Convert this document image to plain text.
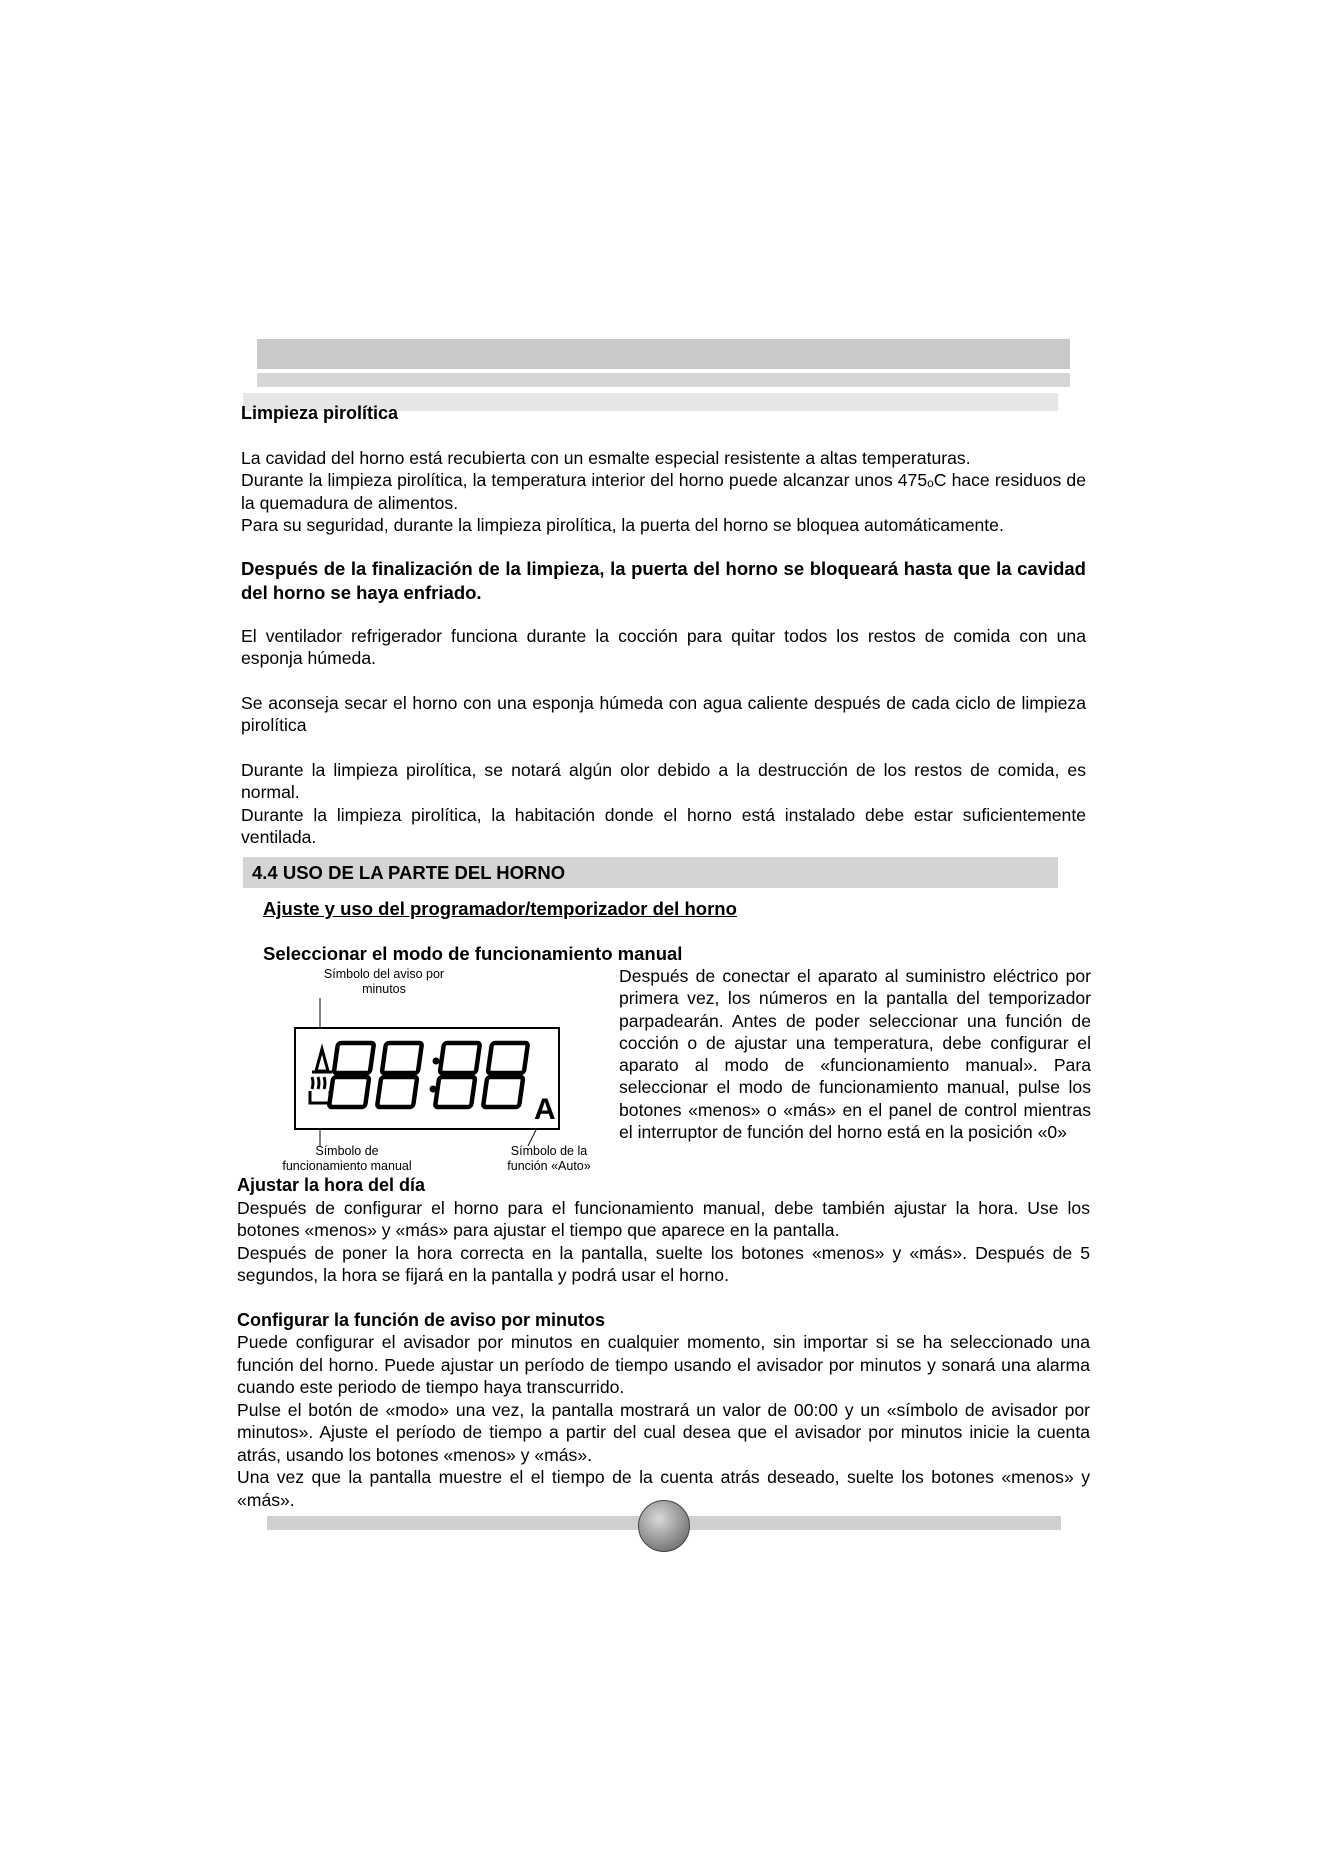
Limpieza pirolítica

La cavidad del horno está recubierta con un esmalte especial resistente a altas temperaturas.

Durante la limpieza pirolítica, la temperatura interior del horno puede alcanzar unos 475ₒC hace residuos de la quemadura de alimentos.

Para su seguridad, durante la limpieza pirolítica, la puerta del horno se bloquea automáticamente.

Después de la finalización de la limpieza, la puerta del horno se bloqueará hasta que la cavidad del horno se haya enfriado.

El ventilador refrigerador funciona durante la cocción para quitar todos los restos de comida con una esponja húmeda.

Se aconseja secar el horno con una esponja húmeda con agua caliente después de cada ciclo de limpieza pirolítica

Durante la limpieza pirolítica, se notará algún olor debido a la destrucción de los restos de comida, es normal.

Durante la limpieza pirolítica, la habitación donde el horno está instalado debe estar suficientemente ventilada.

4.4 USO DE LA PARTE DEL HORNO
Ajuste y uso del programador/temporizador del horno
Seleccionar el modo de funcionamiento manual
Símbolo del aviso por minutos
Símbolo de funcionamiento manual
Símbolo de la función «Auto»
A

Después de conectar el aparato al suministro eléctrico por primera vez, los números en la pantalla del temporizador parpadearán. Antes de poder seleccionar una función de cocción o de ajustar una temperatura, debe configurar el aparato al modo de «funcionamiento manual». Para seleccionar el modo de funcionamiento manual, pulse los botones «menos» o «más» en el panel de control mientras el interruptor de función del horno está en la posición «0»

Ajustar la hora del día

Después de configurar el horno para el funcionamiento manual, debe también ajustar la hora. Use los botones «menos» y «más» para ajustar el tiempo que aparece en la pantalla.

Después de poner la hora correcta en la pantalla, suelte los botones «menos» y «más». Después de 5 segundos, la hora se fijará en la pantalla y podrá usar el horno.

Configurar la función de aviso por minutos

Puede configurar el avisador por minutos en cualquier momento, sin importar si se ha seleccionado una función del horno. Puede ajustar un período de tiempo usando el avisador por minutos y sonará una alarma cuando este periodo de tiempo haya transcurrido.

Pulse el botón de «modo» una vez, la pantalla mostrará un valor de 00:00 y un «símbolo de avisador por minutos». Ajuste el período de tiempo a partir del cual desea que el avisador por minutos inicie la cuenta atrás, usando los botones «menos» y «más».

Una vez que la pantalla muestre el el tiempo de la cuenta atrás deseado, suelte los botones «menos» y «más».
